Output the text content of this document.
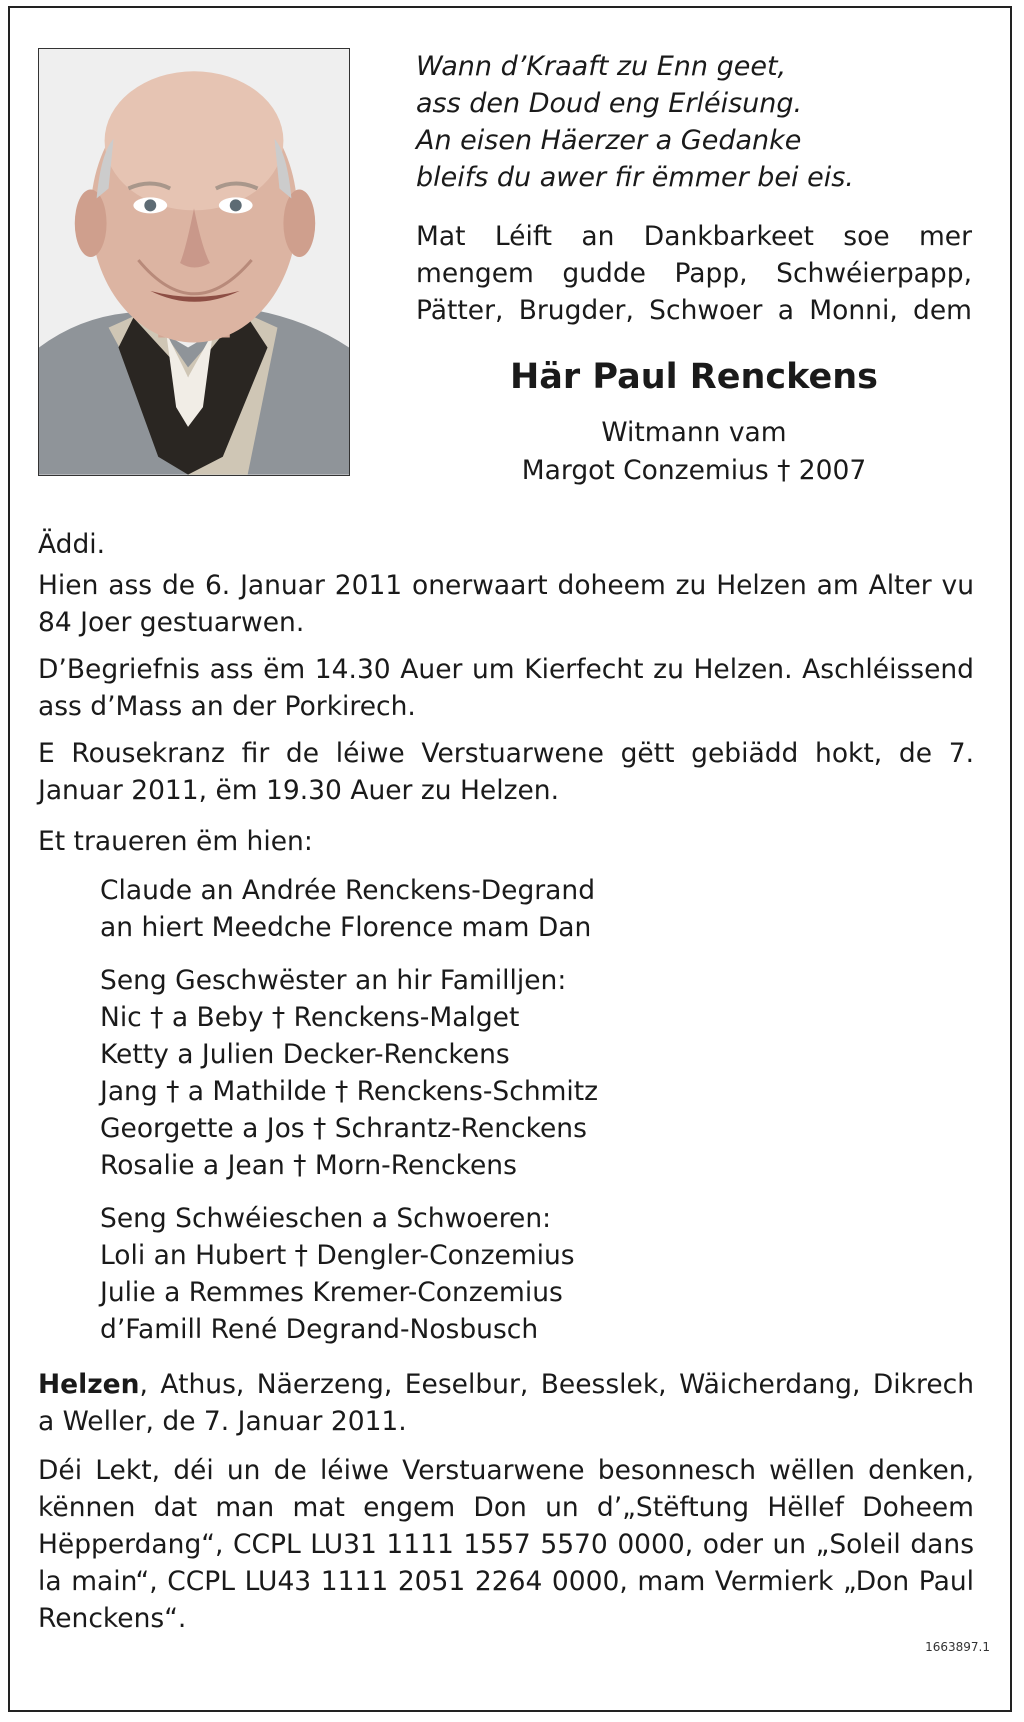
Wann d’Kraaft zu Enn geet,
ass den Doud eng Erléisung.
An eisen Häerzer a Gedanke
bleifs du awer fir ëmmer bei eis.
Mat Léift an Dankbarkeet soe mer
mengem gudde Papp, Schwéierpapp,
Pätter, Brugder, Schwoer a Monni, dem
Här Paul Renckens
Witmann vam
Margot Conzemius † 2007

Äddi.

Hien ass de 6. Januar 2011 onerwaart doheem zu Helzen am Alter vu 84 Joer gestuarwen.

D’Begriefnis ass ëm 14.30 Auer um Kierfecht zu Helzen. Aschléissend ass d’Mass an der Porkirech.

E Rousekranz fir de léiwe Verstuarwene gëtt gebiädd hokt, de 7. Januar 2011, ëm 19.30 Auer zu Helzen.

Et traueren ëm hien:

Claude an Andrée Renckens-Degrand
an hiert Meedche Florence mam Dan
Seng Geschwëster an hir Familljen:
Nic † a Beby † Renckens-Malget
Ketty a Julien Decker-Renckens
Jang † a Mathilde † Renckens-Schmitz
Georgette a Jos † Schrantz-Renckens
Rosalie a Jean † Morn-Renckens
Seng Schwéieschen a Schwoeren:
Loli an Hubert † Dengler-Conzemius
Julie a Remmes Kremer-Conzemius
d’Famill René Degrand-Nosbusch

Helzen, Athus, Näerzeng, Eeselbur, Beesslek, Wäicherdang, Dikrech a Weller, de 7. Januar 2011.

Déi Lekt, déi un de léiwe Verstuarwene besonnesch wëllen denken, kënnen dat man mat engem Don un d’„Stëftung Hëllef Doheem Hëpperdang“, CCPL LU31 1111 1557 5570 0000, oder un „Soleil dans la main“, CCPL LU43 1111 2051 2264 0000, mam Vermierk „Don Paul Renckens“.

1663897.1
